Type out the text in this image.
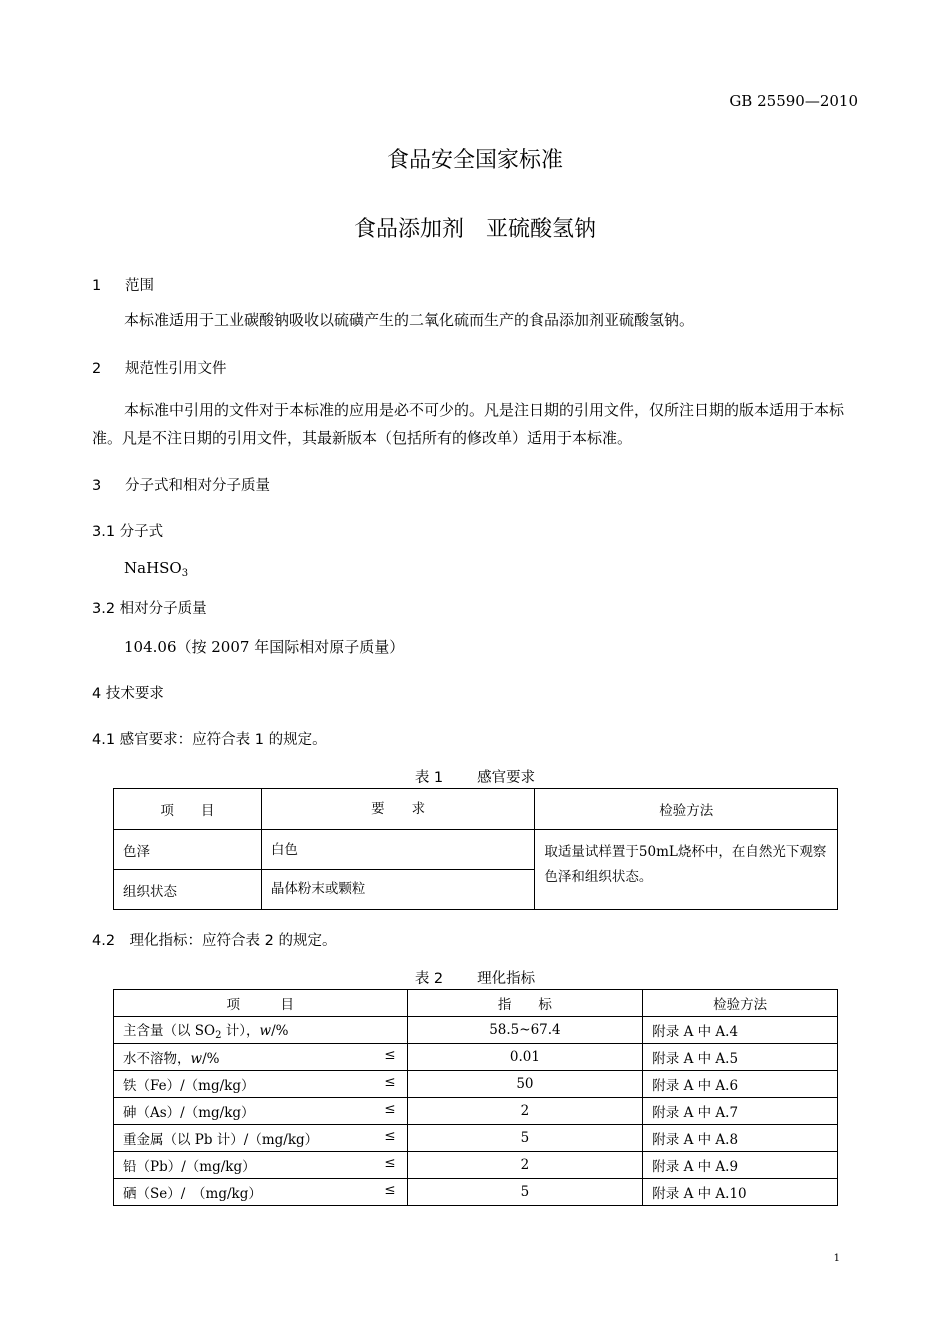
GB 25590—2010
食品安全国家标准
食品添加剂　亚硫酸氢钠
1 范围
本标准适用于工业碳酸钠吸收以硫磺产生的二氧化硫而生产的食品添加剂亚硫酸氢钠。
2 规范性引用文件
本标准中引用的文件对于本标准的应用是必不可少的。凡是注日期的引用文件，仅所注日期的版本适用于本标准。凡是不注日期的引用文件，其最新版本（包括所有的修改单）适用于本标准。
3 分子式和相对分子质量
3.1 分子式
NaHSO$_3$
3.2 相对分子质量
104.06（按 2007 年国际相对原子质量）
4 技术要求
4.1 感官要求：应符合表 1 的规定。
表 1 感官要求
项　　目	要　　求	检验方法
色泽	白色	取适量试样置于50mL烧杯中，在自然光下观察色泽和组织状态。
组织状态	晶体粉末或颗粒	
4.2　理化指标：应符合表 2 的规定。
表 2 理化指标
项　　　目	指　　标	检验方法
主含量（以 $SO_2$ 计），w/%	58.5~67.4	附录 A 中 A.4
水不溶物，w/% ≤	0.01	附录 A 中 A.5
铁（Fe）/（mg/kg） ≤	50	附录 A 中 A.6
砷（As）/（mg/kg） ≤	2	附录 A 中 A.7
重金属（以 Pb 计）/（mg/kg） ≤	5	附录 A 中 A.8
铅（Pb）/（mg/kg） ≤	2	附录 A 中 A.9
硒（Se）/　（mg/kg） ≤	5	附录 A 中 A.10
1
